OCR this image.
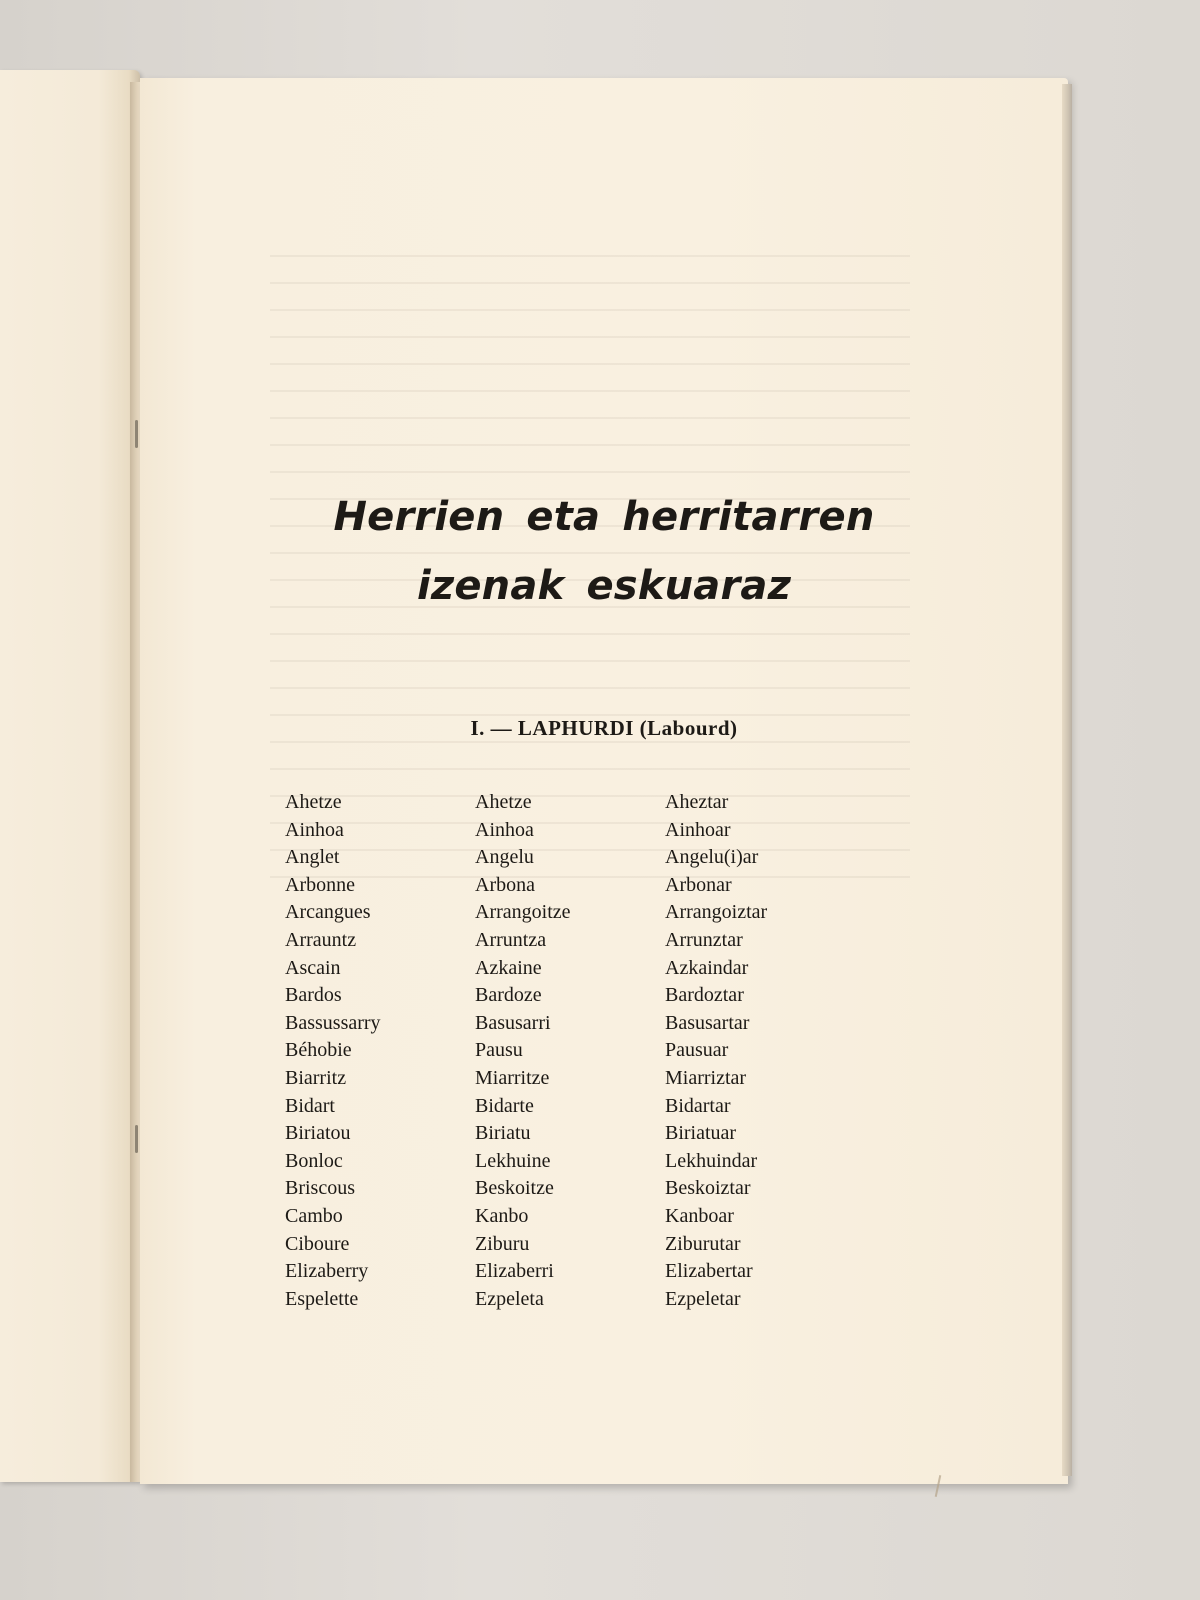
Herrien eta herritarren
izenak eskuaraz
I. — LAPHURDI (Labourd)
Ahetze	Ahetze	Aheztar
Ainhoa	Ainhoa	Ainhoar
Anglet	Angelu	Angelu(i)ar
Arbonne	Arbona	Arbonar
Arcangues	Arrangoitze	Arrangoiztar
Arrauntz	Arruntza	Arrunztar
Ascain	Azkaine	Azkaindar
Bardos	Bardoze	Bardoztar
Bassussarry	Basusarri	Basusartar
Béhobie	Pausu	Pausuar
Biarritz	Miarritze	Miarriztar
Bidart	Bidarte	Bidartar
Biriatou	Biriatu	Biriatuar
Bonloc	Lekhuine	Lekhuindar
Briscous	Beskoitze	Beskoiztar
Cambo	Kanbo	Kanboar
Ciboure	Ziburu	Ziburutar
Elizaberry	Elizaberri	Elizabertar
Espelette	Ezpeleta	Ezpeletar
